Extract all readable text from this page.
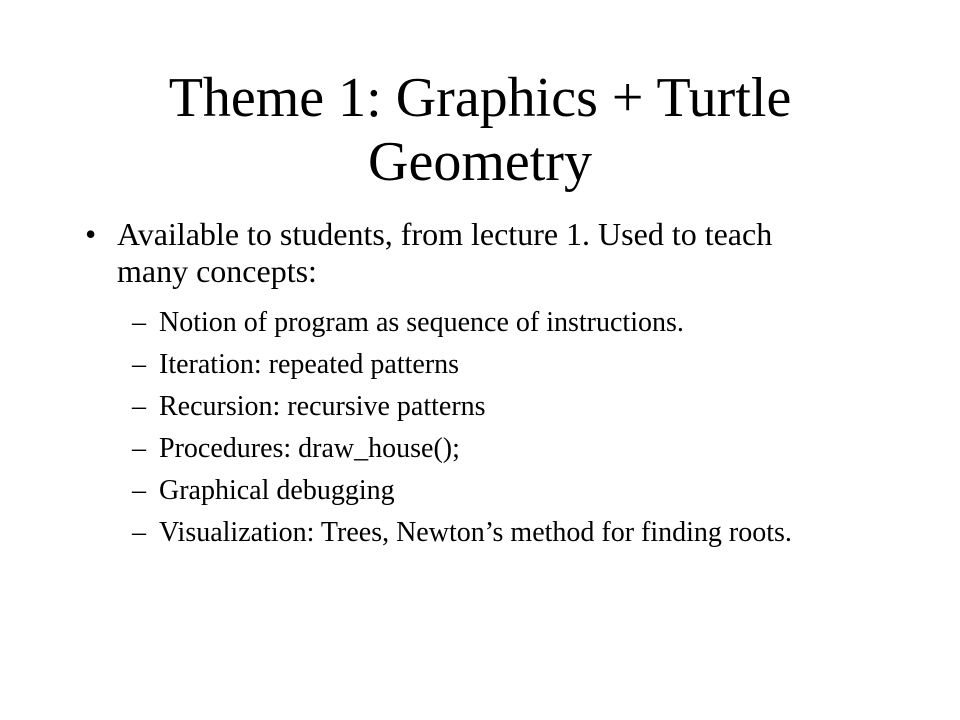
Theme 1: Graphics + Turtle
Geometry
• Available to students, from lecture 1. Used to teach many concepts:
– Notion of program as sequence of instructions.
– Iteration: repeated patterns
– Recursion: recursive patterns
– Procedures: draw_house();
– Graphical debugging
– Visualization: Trees, Newton’s method for finding roots.
